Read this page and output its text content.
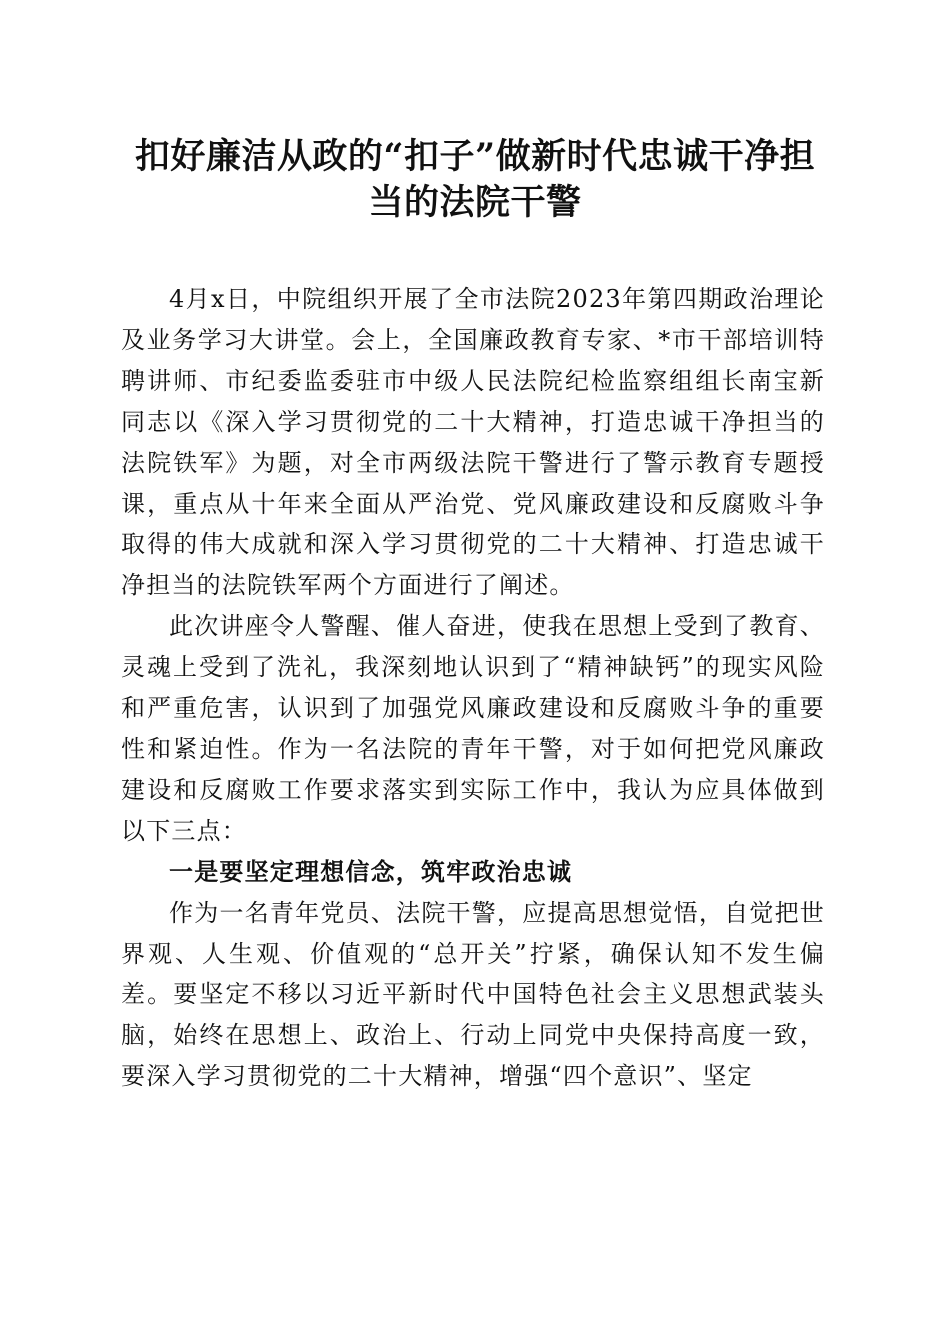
扣好廉洁从政的“扣子”做新时代忠诚干净担
当的法院干警

4月x日，中院组织开展了全市法院2023年第四期政治理论及业务学习大讲堂。会上，全国廉政教育专家、*市干部培训特聘讲师、市纪委监委驻市中级人民法院纪检监察组组长南宝新同志以《深入学习贯彻党的二十大精神，打造忠诚干净担当的法院铁军》为题，对全市两级法院干警进行了警示教育专题授课，重点从十年来全面从严治党、党风廉政建设和反腐败斗争取得的伟大成就和深入学习贯彻党的二十大精神、打造忠诚干净担当的法院铁军两个方面进行了阐述。

此次讲座令人警醒、催人奋进，使我在思想上受到了教育、灵魂上受到了洗礼，我深刻地认识到了“精神缺钙”的现实风险和严重危害，认识到了加强党风廉政建设和反腐败斗争的重要性和紧迫性。作为一名法院的青年干警，对于如何把党风廉政建设和反腐败工作要求落实到实际工作中，我认为应具体做到以下三点：

一是要坚定理想信念，筑牢政治忠诚

作为一名青年党员、法院干警，应提高思想觉悟，自觉把世界观、人生观、价值观的“总开关”拧紧，确保认知不发生偏差。要坚定不移以习近平新时代中国特色社会主义思想武装头脑，始终在思想上、政治上、行动上同党中央保持高度一致，要深入学习贯彻党的二十大精神，增强“四个意识”、坚定
